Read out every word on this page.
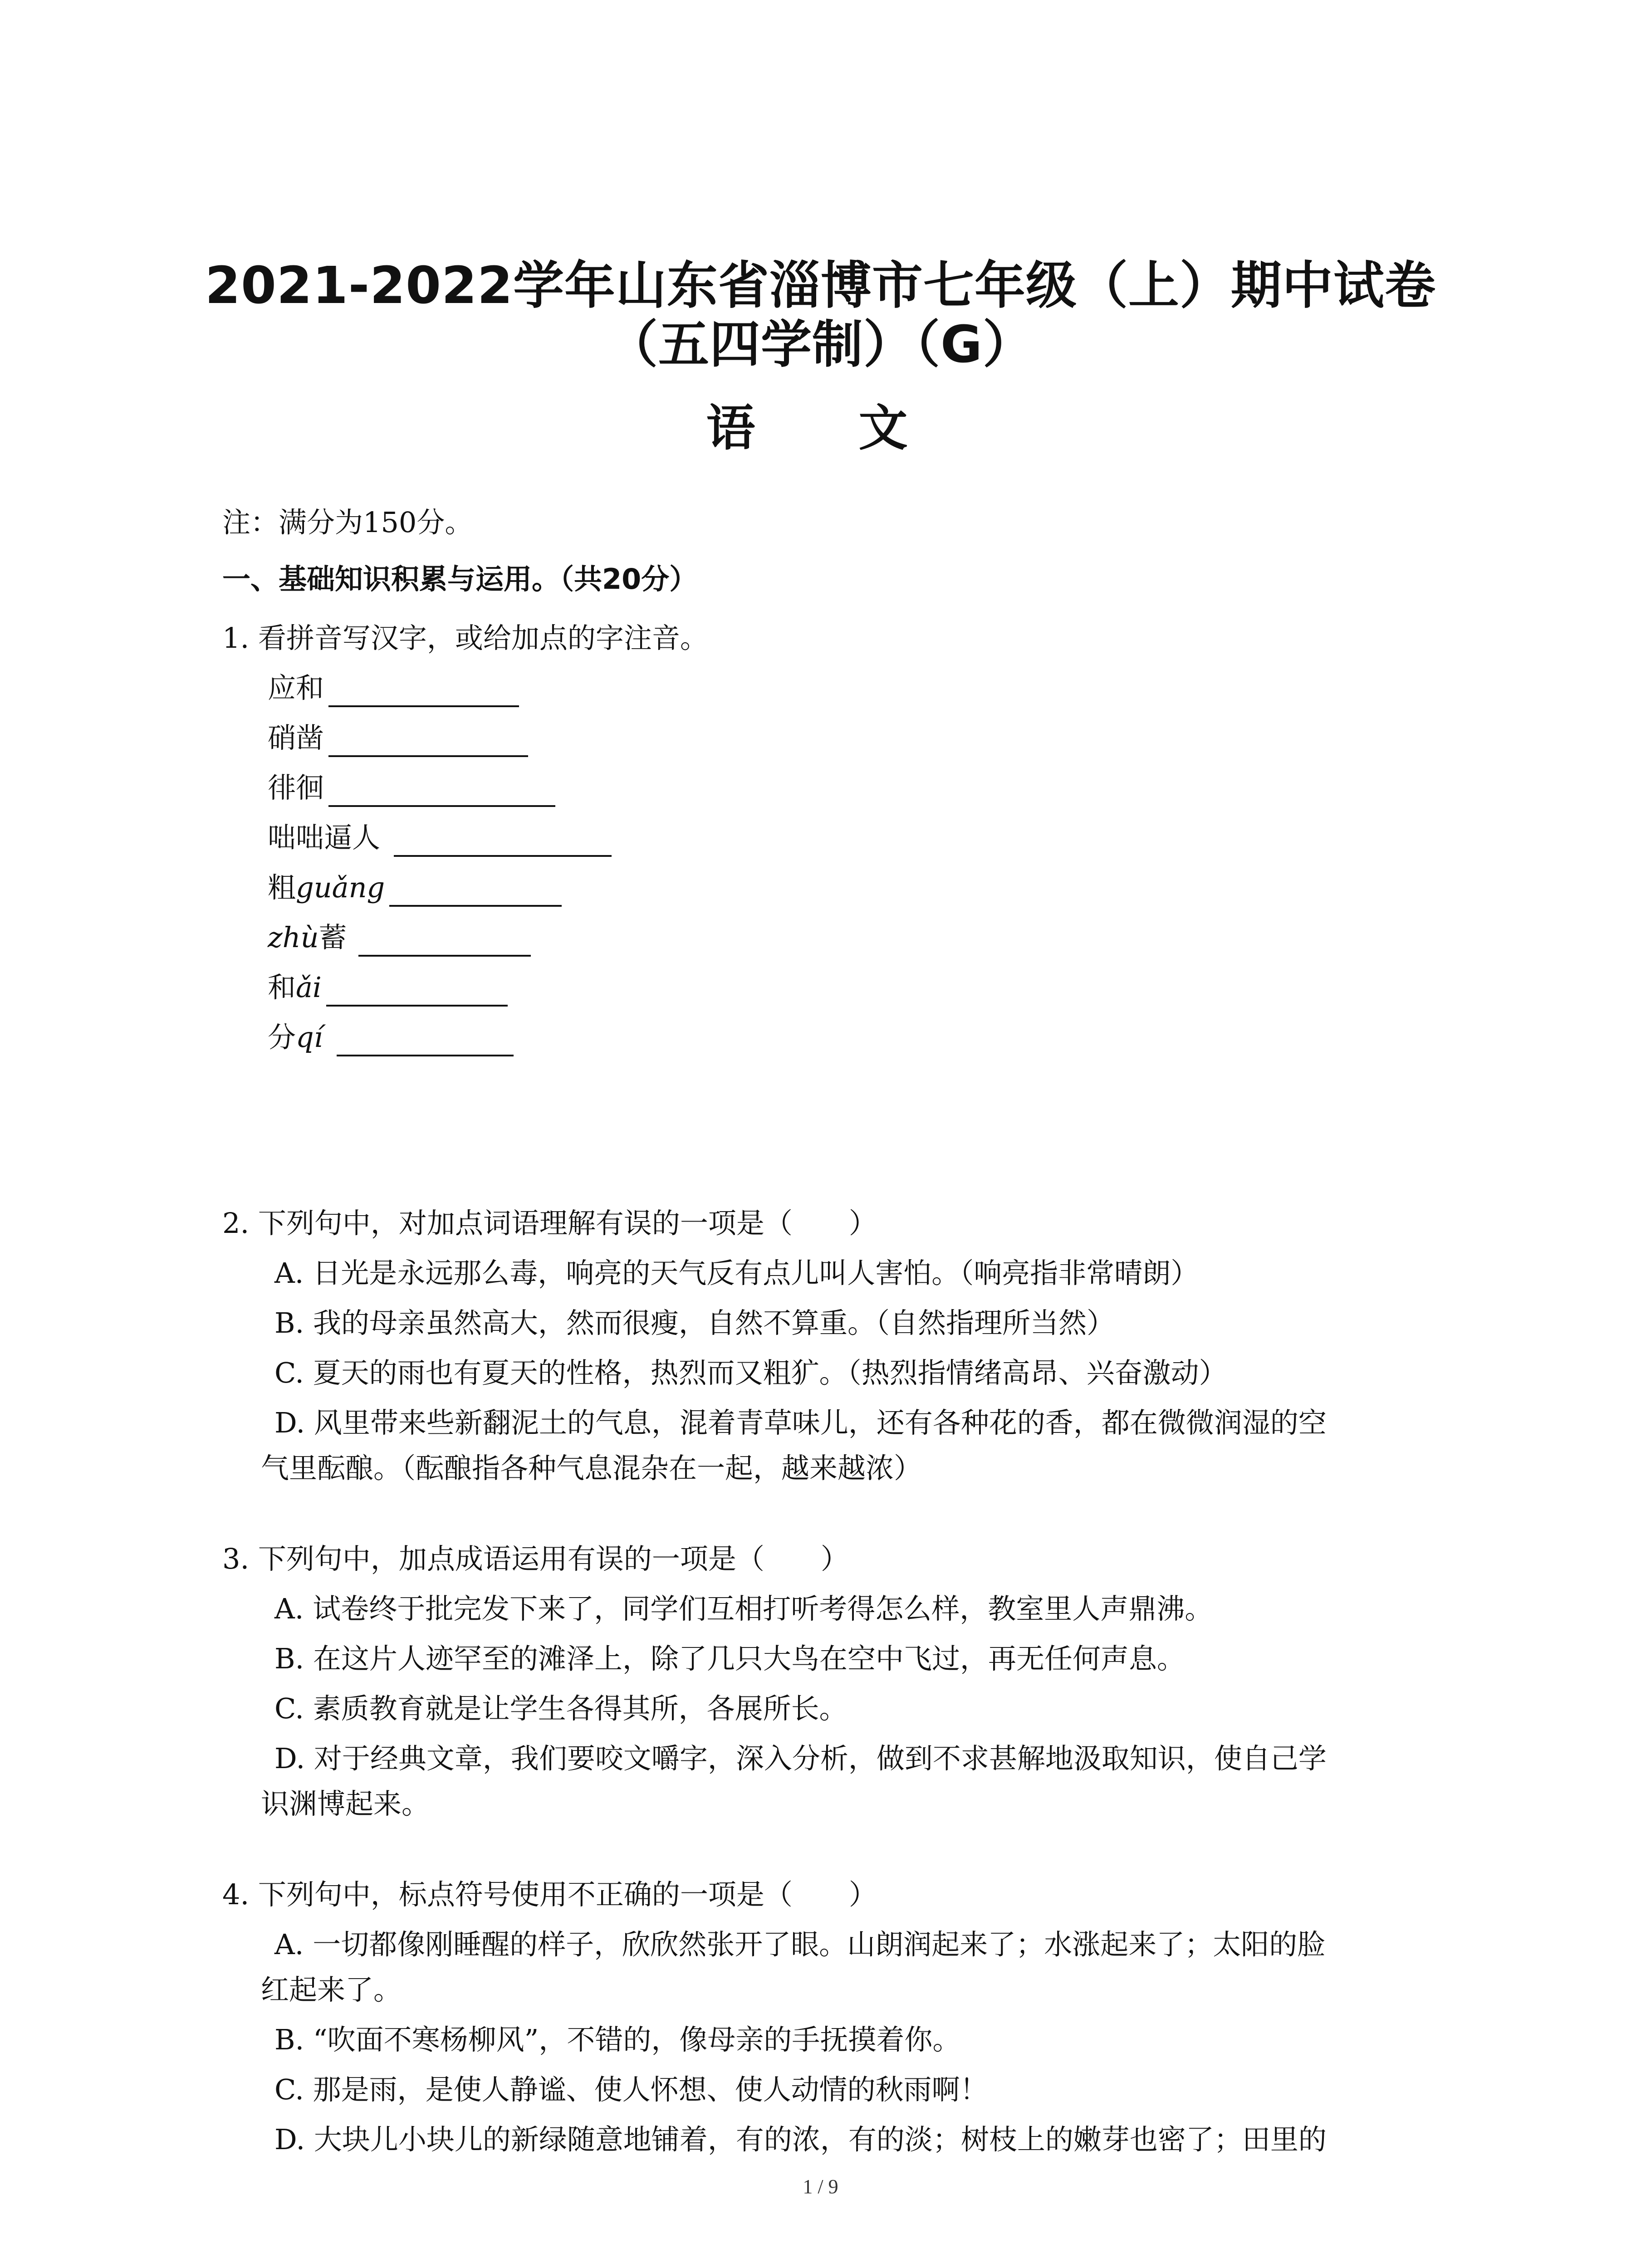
2021-2022学年山东省淄博市七年级（上）期中试卷
（五四学制）（G）
语　文
注：满分为150分。
一、基础知识积累与运用。（共20分）
1. 看拼音写汉字，或给加点的字注音。
应和
硝凿
徘徊
咄咄逼人
粗guǎng
zhù蓄
和ǎi
分qí
2. 下列句中，对加点词语理解有误的一项是（　　）
A. 日光是永远那么毒，响亮的天气反有点儿叫人害怕。（响亮指非常晴朗）
B. 我的母亲虽然高大，然而很瘦，自然不算重。（自然指理所当然）
C. 夏天的雨也有夏天的性格，热烈而又粗犷。（热烈指情绪高昂、兴奋激动）
D. 风里带来些新翻泥土的气息，混着青草味儿，还有各种花的香，都在微微润湿的空
气里酝酿。（酝酿指各种气息混杂在一起，越来越浓）
3. 下列句中，加点成语运用有误的一项是（　　）
A. 试卷终于批完发下来了，同学们互相打听考得怎么样，教室里人声鼎沸。
B. 在这片人迹罕至的滩泽上，除了几只大鸟在空中飞过，再无任何声息。
C. 素质教育就是让学生各得其所，各展所长。
D. 对于经典文章，我们要咬文嚼字，深入分析，做到不求甚解地汲取知识，使自己学
识渊博起来。
4. 下列句中，标点符号使用不正确的一项是（　　）
A. 一切都像刚睡醒的样子，欣欣然张开了眼。山朗润起来了；水涨起来了；太阳的脸
红起来了。
B. “吹面不寒杨柳风”，不错的，像母亲的手抚摸着你。
C. 那是雨，是使人静谧、使人怀想、使人动情的秋雨啊！
D. 大块儿小块儿的新绿随意地铺着，有的浓，有的淡；树枝上的嫩芽也密了；田里的
1 / 9
